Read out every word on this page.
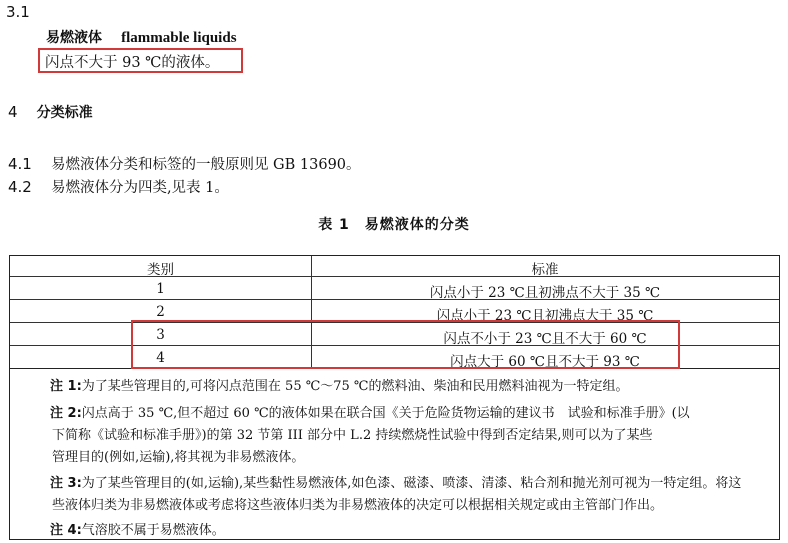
3.1
易燃液体 flammable liquids
闪点不大于 93 ℃的液体。
4 分类标准
4.1 易燃液体分类和标签的一般原则见 GB 13690。
4.2 易燃液体分为四类,见表 1。
表 1　易燃液体的分类
类别	标准
1	闪点小于 23 ℃且初沸点不大于 35 ℃
2	闪点小于 23 ℃且初沸点大于 35 ℃
3	闪点不小于 23 ℃且不大于 60 ℃
4	闪点大于 60 ℃且不大于 93 ℃
注 1:为了某些管理目的,可将闪点范围在 55 ℃～75 ℃的燃料油、柴油和民用燃料油视为一特定组。
注 2:闪点高于 35 ℃,但不超过 60 ℃的液体如果在联合国《关于危险货物运输的建议书　试验和标准手册》(以
下简称《试验和标准手册》)的第 32 节第 III 部分中 L.2 持续燃烧性试验中得到否定结果,则可以为了某些
管理目的(例如,运输),将其视为非易燃液体。
注 3:为了某些管理目的(如,运输),某些黏性易燃液体,如色漆、磁漆、喷漆、清漆、粘合剂和抛光剂可视为一特定组。将这
些液体归类为非易燃液体或考虑将这些液体归类为非易燃液体的决定可以根据相关规定或由主管部门作出。
注 4:气溶胶不属于易燃液体。
